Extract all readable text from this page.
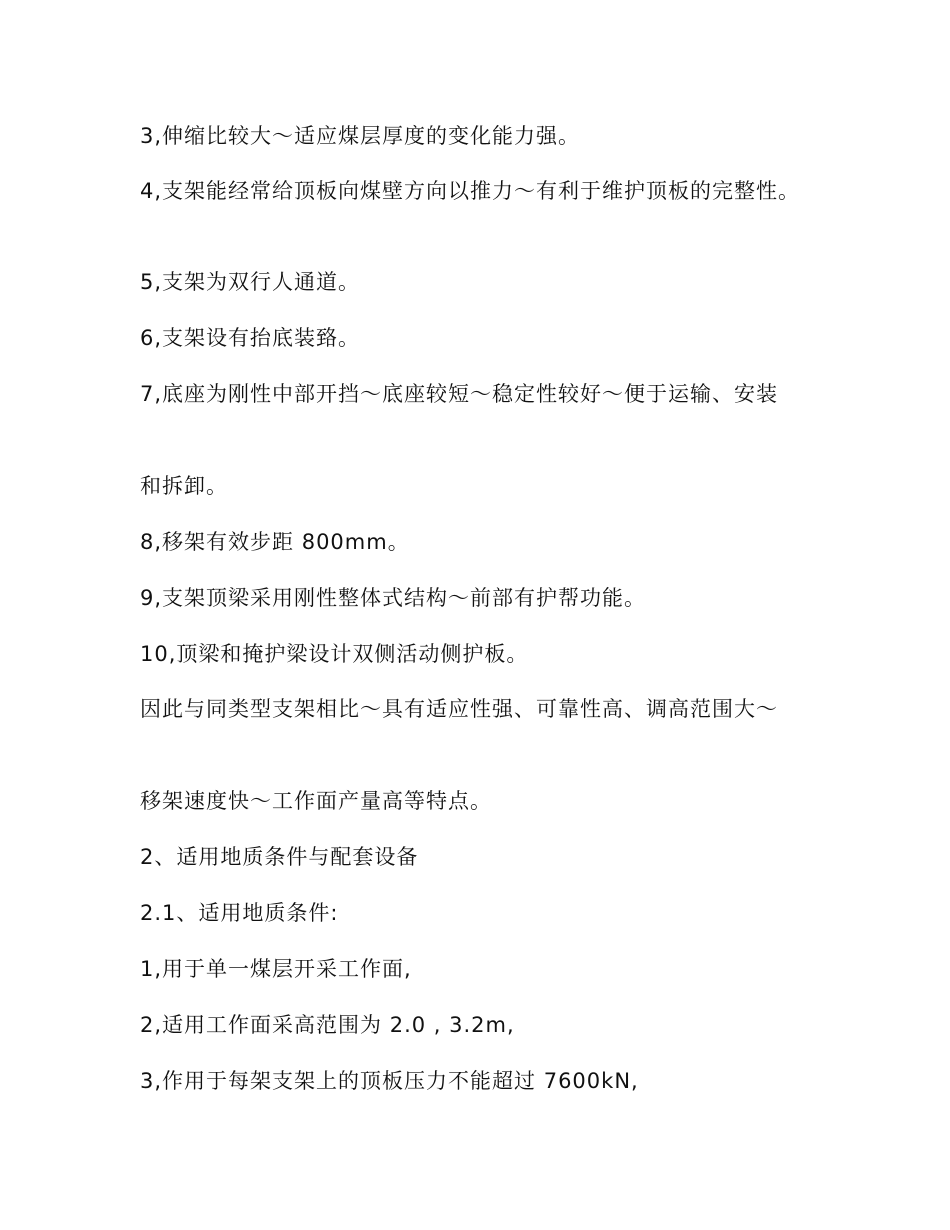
3,伸缩比较大～适应煤层厚度的变化能力强。
4,支架能经常给顶板向煤壁方向以推力～有利于维护顶板的完整性。
5,支架为双行人通道。
6,支架设有抬底装臵。
7,底座为刚性中部开挡～底座较短～稳定性较好～便于运输、安装
和拆卸。
8,移架有效步距 800mm。
9,支架顶梁采用刚性整体式结构～前部有护帮功能。
10,顶梁和掩护梁设计双侧活动侧护板。
因此与同类型支架相比～具有适应性强、可靠性高、调高范围大～
移架速度快～工作面产量高等特点。
2、适用地质条件与配套设备
2.1、适用地质条件:
1,用于单一煤层开采工作面,
2,适用工作面采高范围为 2.0 , 3.2m,
3,作用于每架支架上的顶板压力不能超过 7600kN,
